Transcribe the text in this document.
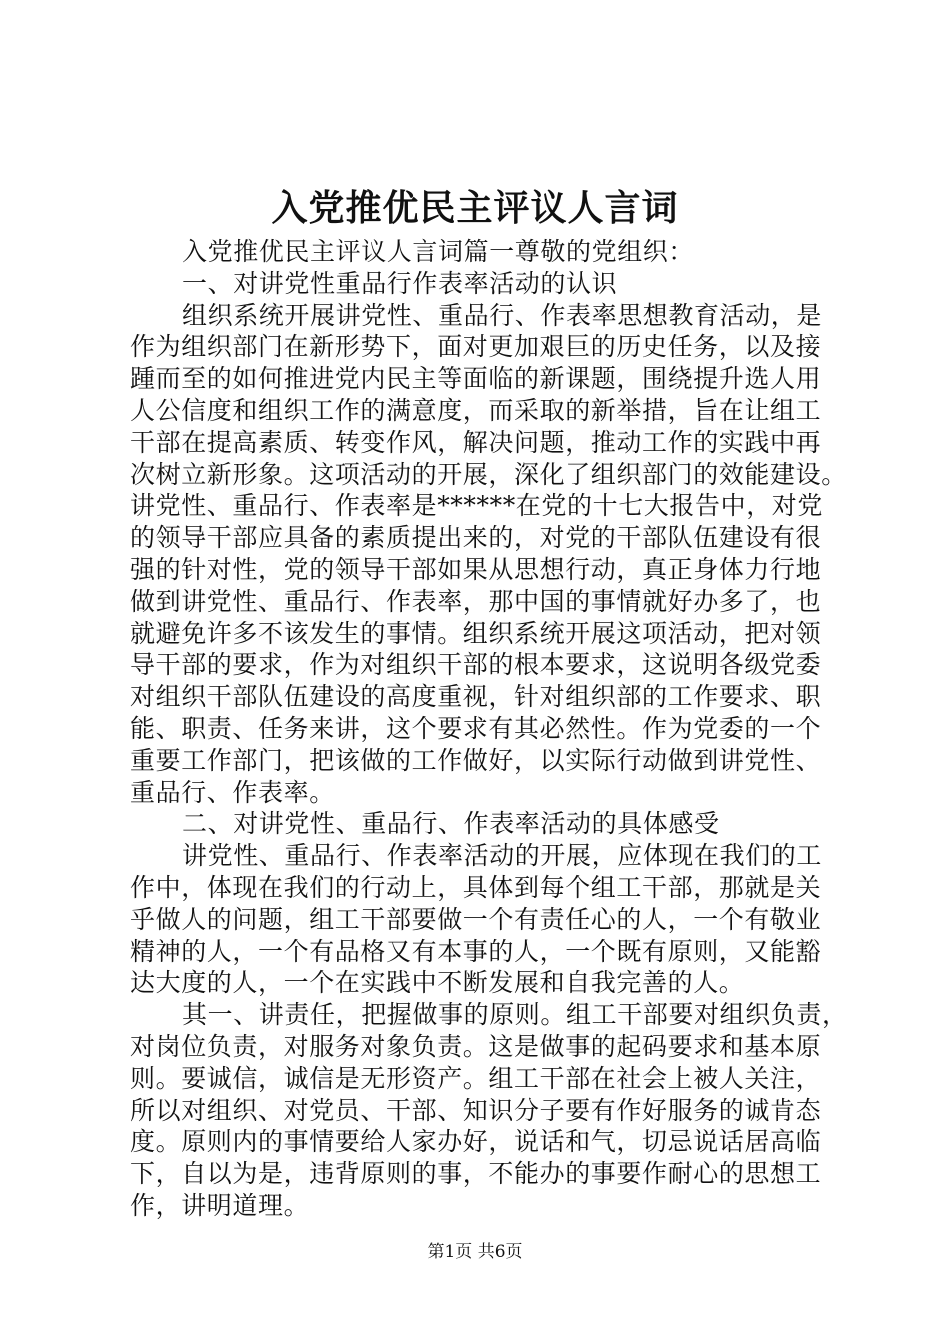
入党推优民主评议人言词
入党推优民主评议人言词篇一尊敬的党组织：
一、对讲党性重品行作表率活动的认识
组织系统开展讲党性、重品行、作表率思想教育活动，是
作为组织部门在新形势下，面对更加艰巨的历史任务，以及接
踵而至的如何推进党内民主等面临的新课题，围绕提升选人用
人公信度和组织工作的满意度，而采取的新举措，旨在让组工
干部在提高素质、转变作风，解决问题，推动工作的实践中再
次树立新形象。这项活动的开展，深化了组织部门的效能建设。
讲党性、重品行、作表率是******在党的十七大报告中，对党
的领导干部应具备的素质提出来的，对党的干部队伍建设有很
强的针对性，党的领导干部如果从思想行动，真正身体力行地
做到讲党性、重品行、作表率，那中国的事情就好办多了，也
就避免许多不该发生的事情。组织系统开展这项活动，把对领
导干部的要求，作为对组织干部的根本要求，这说明各级党委
对组织干部队伍建设的高度重视，针对组织部的工作要求、职
能、职责、任务来讲，这个要求有其必然性。作为党委的一个
重要工作部门，把该做的工作做好，以实际行动做到讲党性、
重品行、作表率。
二、对讲党性、重品行、作表率活动的具体感受
讲党性、重品行、作表率活动的开展，应体现在我们的工
作中，体现在我们的行动上，具体到每个组工干部，那就是关
乎做人的问题，组工干部要做一个有责任心的人，一个有敬业
精神的人，一个有品格又有本事的人，一个既有原则，又能豁
达大度的人，一个在实践中不断发展和自我完善的人。
其一、讲责任，把握做事的原则。组工干部要对组织负责，
对岗位负责，对服务对象负责。这是做事的起码要求和基本原
则。要诚信，诚信是无形资产。组工干部在社会上被人关注，
所以对组织、对党员、干部、知识分子要有作好服务的诚肯态
度。原则内的事情要给人家办好，说话和气，切忌说话居高临
下，自以为是，违背原则的事，不能办的事要作耐心的思想工
作，讲明道理。
第1页 共6页
